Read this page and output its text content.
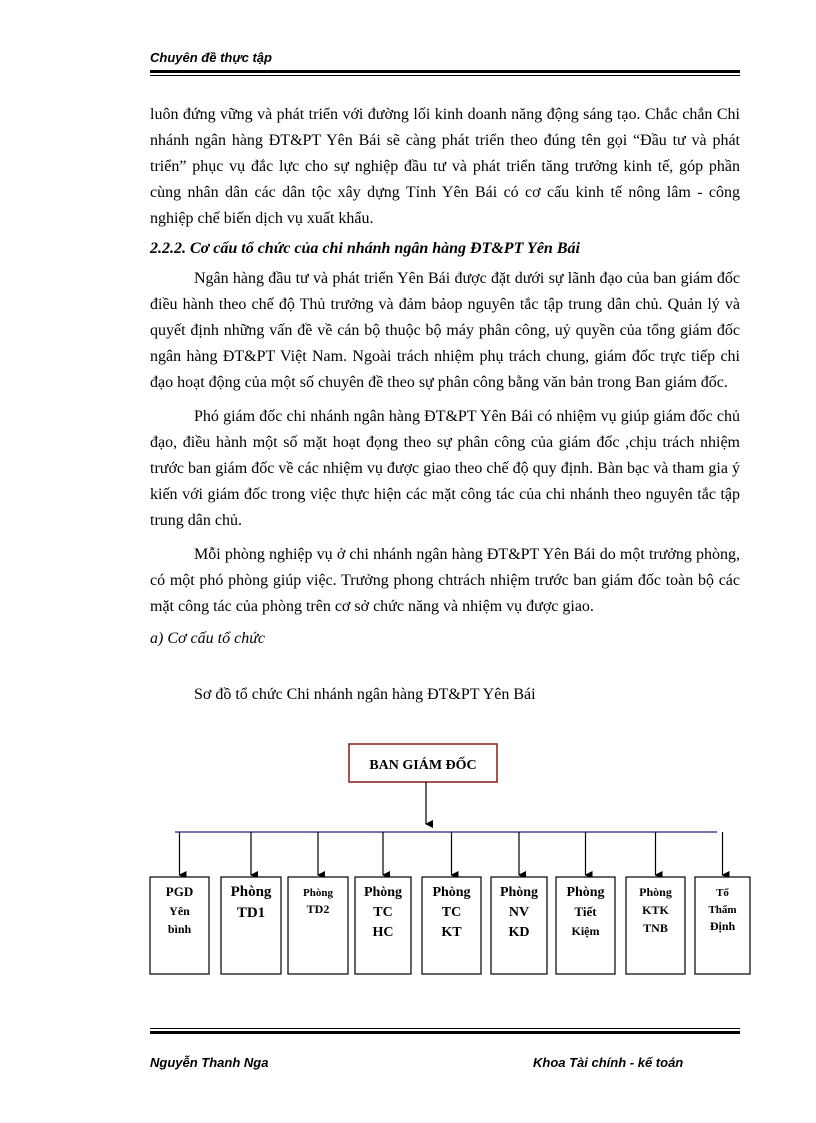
Chuyên đề thực tập

luôn đứng vững và phát triển với đường lối kinh doanh năng động sáng tạo. Chắc chắn Chi nhánh ngân hàng ĐT&PT Yên Bái sẽ càng phát triển theo đúng tên gọi “Đầu tư và phát triển” phục vụ đắc lực cho sự nghiệp đầu tư và phát triển tăng trưởng kinh tế, góp phần cùng nhân dân các dân tộc xây dựng Tỉnh Yên Bái có cơ cấu kinh tế nông lâm - công nghiệp chế biến dịch vụ xuất khẩu.

2.2.2. Cơ cấu tổ chức của chi nhánh ngân hàng ĐT&PT Yên Bái

Ngân hàng đầu tư và phát triển Yên Bái được đặt dưới sự lãnh đạo của ban giám đốc điều hành theo chế độ Thủ trưởng và đảm bảop nguyên tắc tập trung dân chủ. Quản lý và quyết định những vấn đề về cán bộ thuộc bộ máy phân công, uỷ quyền của tổng giám đốc ngân hàng ĐT&PT Việt Nam. Ngoài trách nhiệm phụ trách chung, giám đốc trực tiếp chi đạo hoạt động của một số chuyên đề theo sự phân công bằng văn bản trong Ban giám đốc.

Phó giám đốc chi nhánh ngân hàng ĐT&PT Yên Bái có nhiệm vụ giúp giám đốc chủ đạo, điều hành một số mặt hoạt đọng theo sự phân công của giám đốc ,chịu trách nhiệm trước ban giám đốc về các nhiệm vụ được giao theo chế độ quy định. Bàn bạc và tham gia ý kiến với giám đốc trong việc thực hiện các mặt công tác của chi nhánh theo nguyên tắc tập trung dân chủ.

Mỗi phòng nghiệp vụ ở chi nhánh ngân hàng ĐT&PT Yên Bái do một trưởng phòng, có một phó phòng giúp việc. Trưởng phong chtrách nhiệm trước ban giám đốc toàn bộ các mặt công tác của phòng trên cơ sở chức năng và nhiệm vụ được giao.

a) Cơ cấu tổ chức

Sơ đồ tổ chức Chi nhánh ngân hàng ĐT&PT Yên Bái
BAN GIÁM ĐỐC
PGD
Yên
bình
Phòng
TD1
Phòng
TD2
Phòng
TC
HC
Phòng
TC
KT
Phòng
NV
KD
Phòng
Tiết
Kiệm
Phòng
KTK
TNB
Tổ
Thẩm
Định
Nguyễn Thanh Nga	Khoa Tài chính - kế toán
